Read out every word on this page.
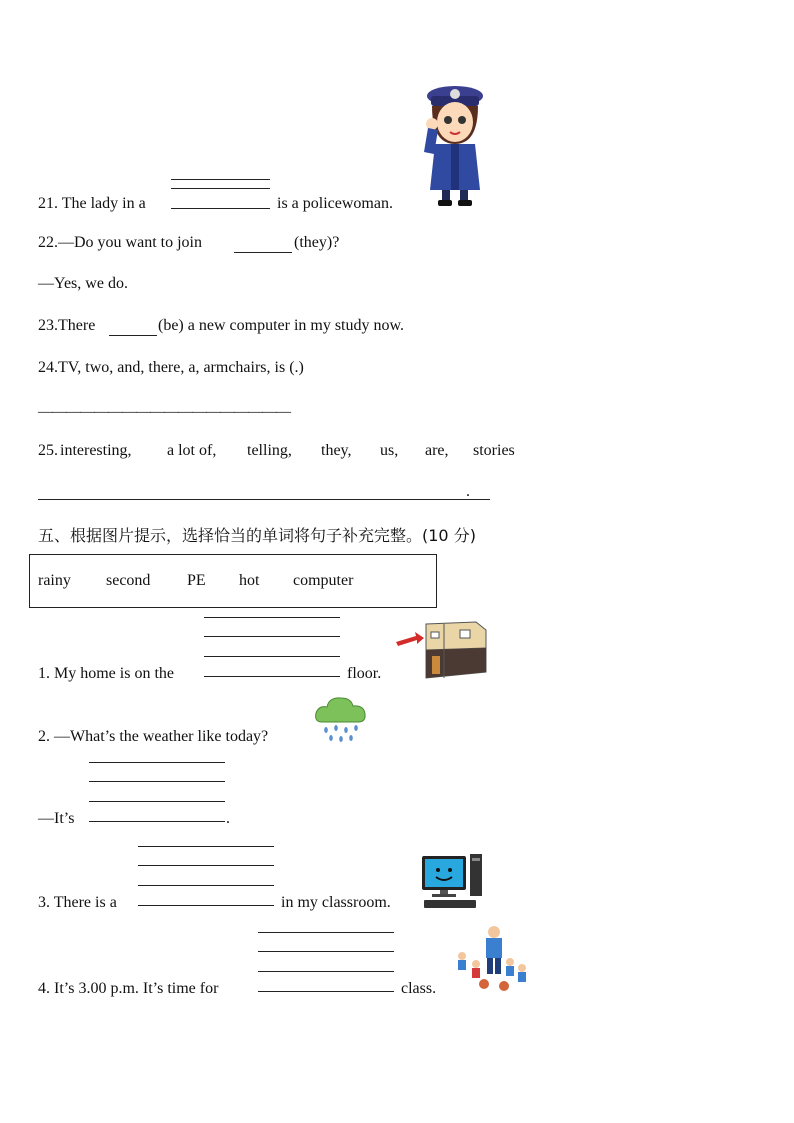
21. The lady in a	is a policewoman.
22.—Do you want to join	(they)?
—Yes, we do.
23.There	(be) a new computer in my study now.
24.TV, two, and, there, a, armchairs, is (.)
——————————————————
25. interesting, a lot of, telling, they, us, are, stories
.
五、根据图片提示，选择恰当的单词将句子补充完整。(10 分)
rainy second PE hot computer
1. My home is on the	floor.
2. —What’s the weather like today?
—It’s	.
3. There is a	in my classroom.
4. It’s 3.00 p.m. It’s time for	class.
